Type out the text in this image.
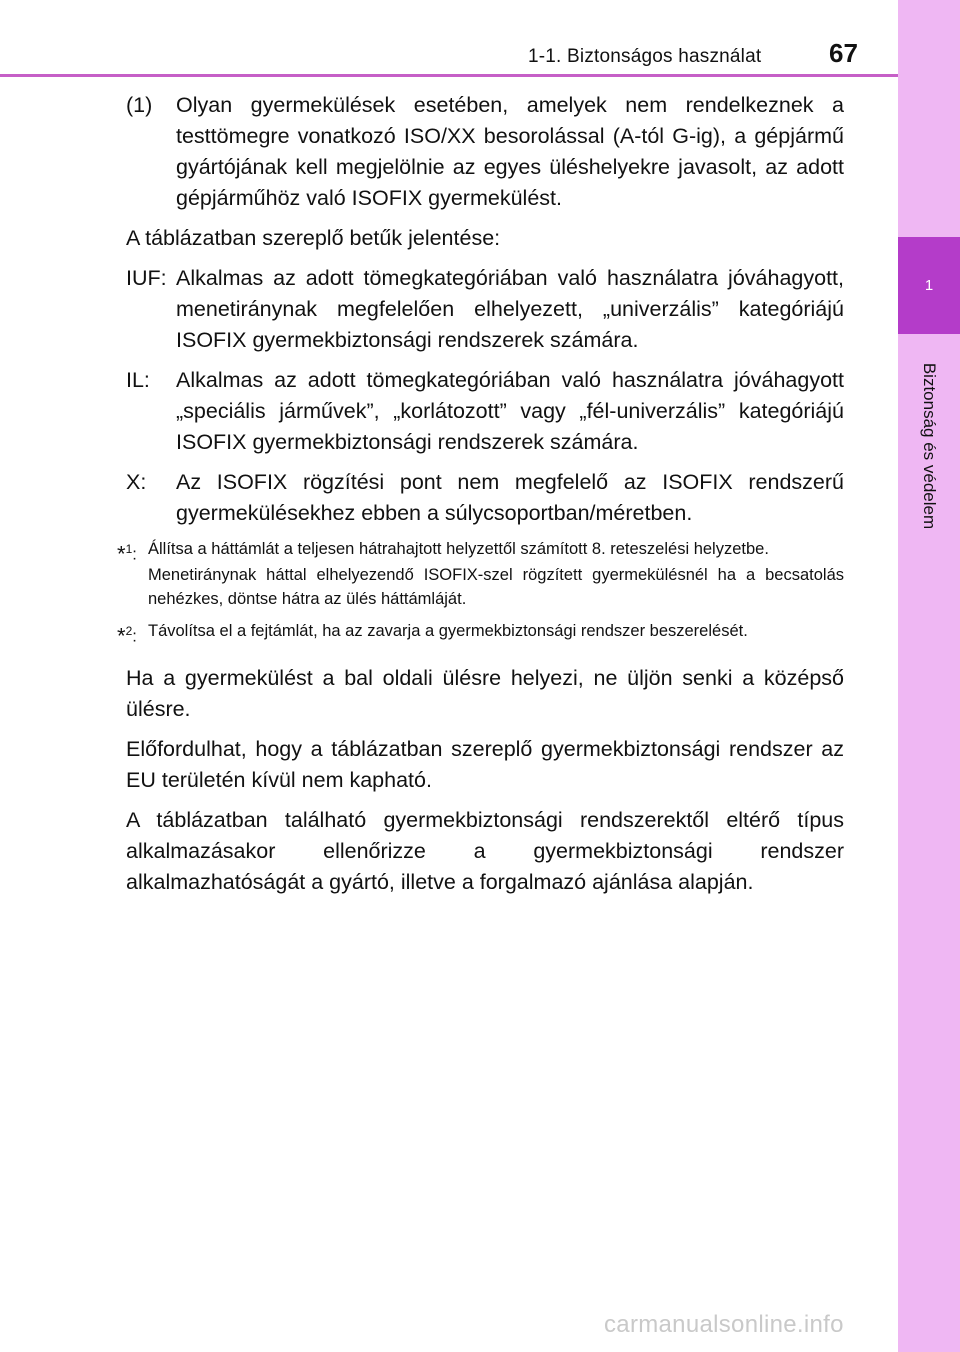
1-1. Biztonságos használat	67
1
Biztonság és védelem
(1)	Olyan gyermekülések esetében, amelyek nem rendelkeznek a testtömegre vonatkozó ISO/XX besorolással (A-tól G-ig), a gépjármű gyártójának kell megjelölnie az egyes üléshelyekre javasolt, az adott gépjárműhöz való ISOFIX gyermekülést.

A táblázatban szereplő betűk jelentése:

IUF: Alkalmas az adott tömegkategóriában való használatra jóváhagyott, menetiránynak megfelelően elhelyezett, „univerzális” kategóriájú ISOFIX gyermekbiztonsági rendszerek számára.
IL:	Alkalmas az adott tömegkategóriában való használatra jóváhagyott „speciális járművek”, „korlátozott” vagy „fél-univerzális” kategóriájú ISOFIX gyermekbiztonsági rendszerek számára.
X:	Az ISOFIX rögzítési pont nem megfelelő az ISOFIX rendszerű gyermekülésekhez ebben a súlycsoportban/méretben.
*$^1$: Állítsa a háttámlát a teljesen hátrahajtott helyzettől számított 8. reteszelési helyzetbe.
Menetiránynak háttal elhelyezendő ISOFIX-szel rögzített gyermekülésnél ha a becsatolás nehézkes, döntse hátra az ülés háttámláját.
*$^2$: Távolítsa el a fejtámlát, ha az zavarja a gyermekbiztonsági rendszer beszerelését.

Ha a gyermekülést a bal oldali ülésre helyezi, ne üljön senki a középső ülésre.

Előfordulhat, hogy a táblázatban szereplő gyermekbiztonsági rendszer az EU területén kívül nem kapható.

A táblázatban található gyermekbiztonsági rendszerektől eltérő típus alkalmazásakor ellenőrizze a gyermekbiztonsági rendszer alkalmazhatóságát a gyártó, illetve a forgalmazó ajánlása alapján.

carmanualsonline.info
